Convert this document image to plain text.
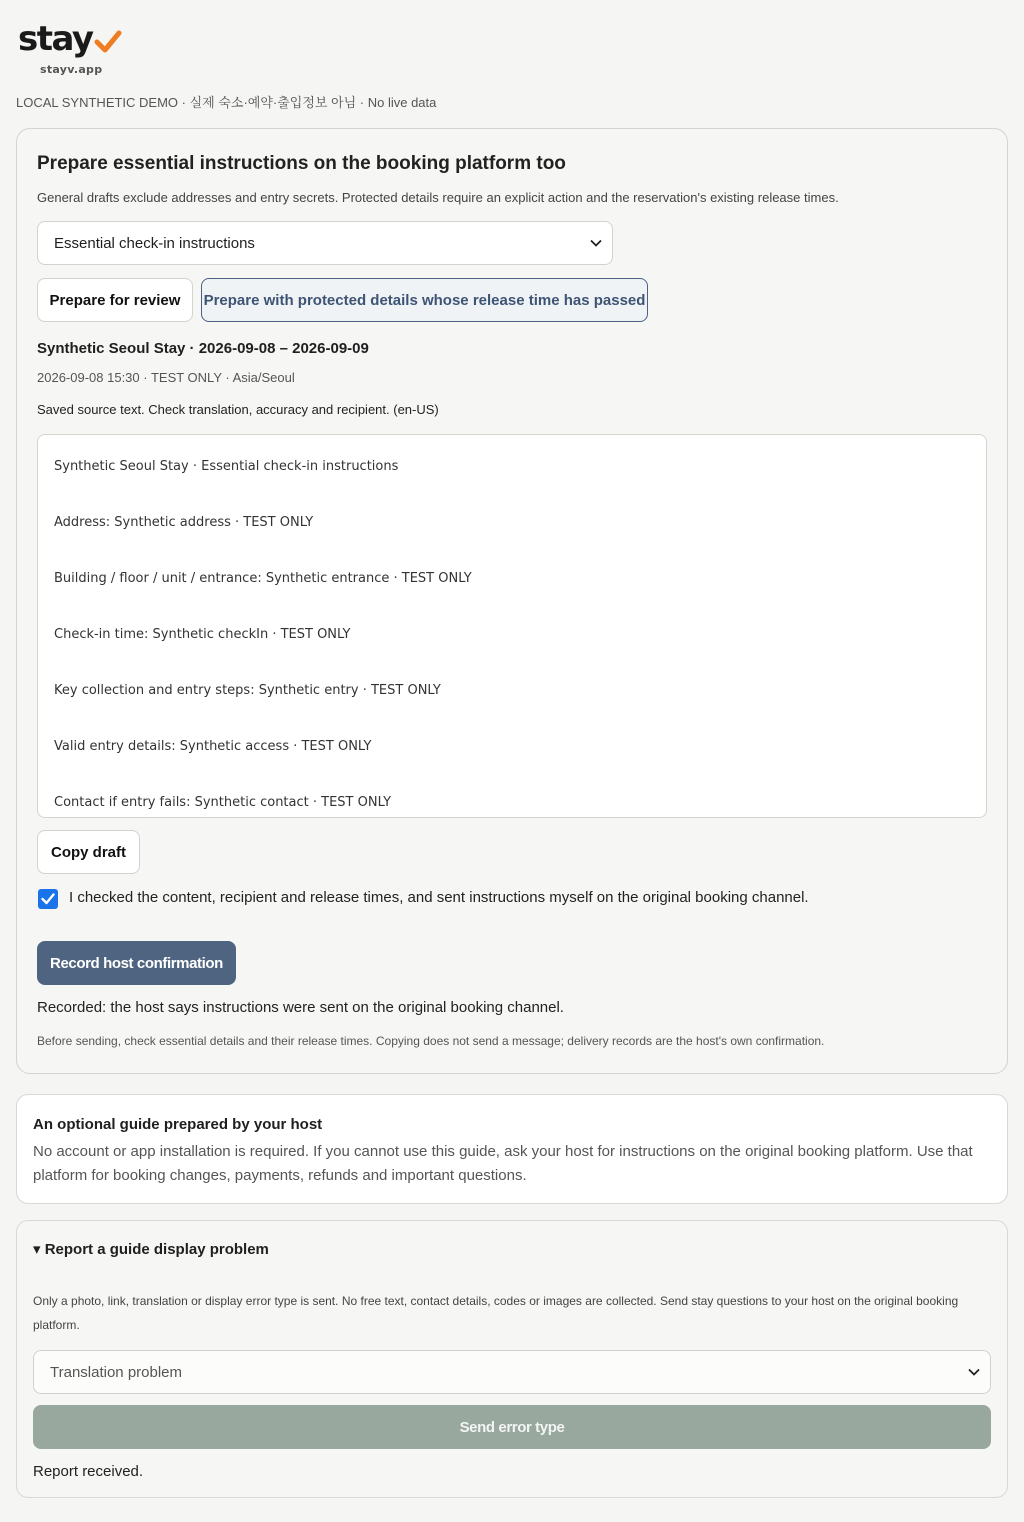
stay
stayv.app
LOCAL SYNTHETIC DEMO · 실제 숙소·예약·출입정보 아님 · No live data
Prepare essential instructions on the booking platform too
General drafts exclude addresses and entry secrets. Protected details require an explicit action and the reservation's existing release times.
Essential check-in instructions
Prepare for review	Prepare with protected details whose release time has passed
Synthetic Seoul Stay · 2026-09-08 – 2026-09-09
2026-09-08 15:30 · TEST ONLY · Asia/Seoul
Saved source text. Check translation, accuracy and recipient. (en-US)
Synthetic Seoul Stay · Essential check-in instructions
Address: Synthetic address · TEST ONLY
Building / floor / unit / entrance: Synthetic entrance · TEST ONLY
Check-in time: Synthetic checkIn · TEST ONLY
Key collection and entry steps: Synthetic entry · TEST ONLY
Valid entry details: Synthetic access · TEST ONLY
Contact if entry fails: Synthetic contact · TEST ONLY
Copy draft
I checked the content, recipient and release times, and sent instructions myself on the original booking channel.
Record host confirmation
Recorded: the host says instructions were sent on the original booking channel.
Before sending, check essential details and their release times. Copying does not send a message; delivery records are the host's own confirmation.
An optional guide prepared by your host
No account or app installation is required. If you cannot use this guide, ask your host for instructions on the original booking platform. Use that platform for booking changes, payments, refunds and important questions.
▾ Report a guide display problem
Only a photo, link, translation or display error type is sent. No free text, contact details, codes or images are collected. Send stay questions to your host on the original booking platform.
Translation problem
Send error type
Report received.
